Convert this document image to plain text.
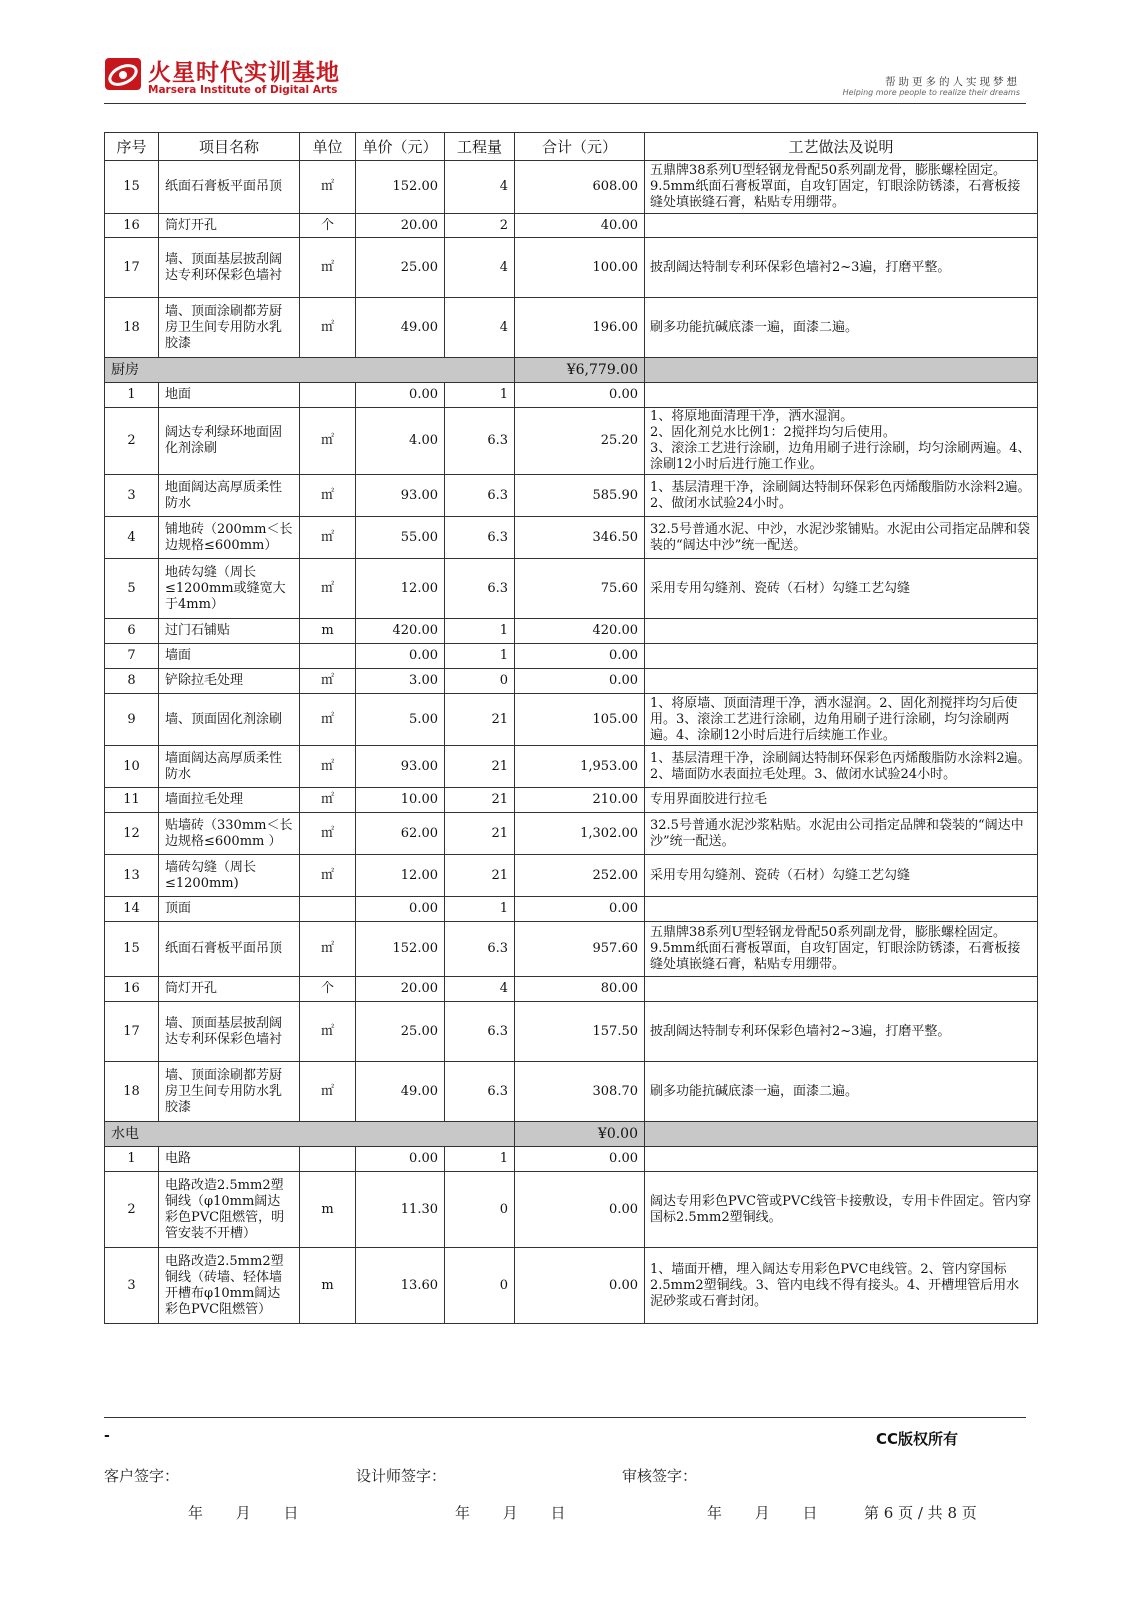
火星时代实训基地
Marsera Institute of Digital Arts
帮助更多的人实现梦想
Helping more people to realize their dreams
序号	项目名称	单位	单价（元）	工程量	合计（元）	工艺做法及说明
15	纸面石膏板平面吊顶	㎡	152.00	4	608.00	五鼎牌38系列U型轻钢龙骨配50系列副龙骨，膨胀螺栓固定。9.5mm纸面石膏板罩面，自攻钉固定，钉眼涂防锈漆，石膏板接缝处填嵌缝石膏，粘贴专用绷带。
16	筒灯开孔	个	20.00	2	40.00	
17	墙、顶面基层披刮阔达专利环保彩色墙衬	㎡	25.00	4	100.00	披刮阔达特制专利环保彩色墙衬2~3遍，打磨平整。
18	墙、顶面涂刷都芳厨房卫生间专用防水乳胶漆	㎡	49.00	4	196.00	刷多功能抗碱底漆一遍，面漆二遍。
厨房					¥6,779.00	
1	地面		0.00	1	0.00	
2	阔达专利绿环地面固化剂涂刷	㎡	4.00	6.3	25.20	1、将原地面清理干净，洒水湿润。
2、固化剂兑水比例1：2搅拌均匀后使用。
3、滚涂工艺进行涂刷，边角用刷子进行涂刷，均匀涂刷两遍。4、涂刷12小时后进行施工作业。
3	地面阔达高厚质柔性防水	㎡	93.00	6.3	585.90	1、基层清理干净，涂刷阔达特制环保彩色丙烯酸脂防水涂料2遍。2、做闭水试验24小时。
4	铺地砖（200mm＜长边规格≤600mm）	㎡	55.00	6.3	346.50	32.5号普通水泥、中沙，水泥沙浆铺贴。水泥由公司指定品牌和袋装的“阔达中沙”统一配送。
5	地砖勾缝（周长≤1200mm或缝宽大于4mm）	㎡	12.00	6.3	75.60	采用专用勾缝剂、瓷砖（石材）勾缝工艺勾缝
6	过门石铺贴	m	420.00	1	420.00	
7	墙面		0.00	1	0.00	
8	铲除拉毛处理	㎡	3.00	0	0.00	
9	墙、顶面固化剂涂刷	㎡	5.00	21	105.00	1、将原墙、顶面清理干净，洒水湿润。2、固化剂搅拌均匀后使用。3、滚涂工艺进行涂刷，边角用刷子进行涂刷，均匀涂刷两遍。4、涂刷12小时后进行后续施工作业。
10	墙面阔达高厚质柔性防水	㎡	93.00	21	1,953.00	1、基层清理干净，涂刷阔达特制环保彩色丙烯酸脂防水涂料2遍。2、墙面防水表面拉毛处理。3、做闭水试验24小时。
11	墙面拉毛处理	㎡	10.00	21	210.00	专用界面胶进行拉毛
12	贴墙砖（330mm＜长边规格≤600mm ）	㎡	62.00	21	1,302.00	32.5号普通水泥沙浆粘贴。水泥由公司指定品牌和袋装的“阔达中沙”统一配送。
13	墙砖勾缝（周长≤1200mm)	㎡	12.00	21	252.00	采用专用勾缝剂、瓷砖（石材）勾缝工艺勾缝
14	顶面		0.00	1	0.00	
15	纸面石膏板平面吊顶	㎡	152.00	6.3	957.60	五鼎牌38系列U型轻钢龙骨配50系列副龙骨，膨胀螺栓固定。9.5mm纸面石膏板罩面，自攻钉固定，钉眼涂防锈漆，石膏板接缝处填嵌缝石膏，粘贴专用绷带。
16	筒灯开孔	个	20.00	4	80.00	
17	墙、顶面基层披刮阔达专利环保彩色墙衬	㎡	25.00	6.3	157.50	披刮阔达特制专利环保彩色墙衬2~3遍，打磨平整。
18	墙、顶面涂刷都芳厨房卫生间专用防水乳胶漆	㎡	49.00	6.3	308.70	刷多功能抗碱底漆一遍，面漆二遍。
水电					¥0.00	
1	电路		0.00	1	0.00	
2	电路改造2.5mm2塑铜线（φ10mm阔达彩色PVC阻燃管，明管安装不开槽）	m	11.30	0	0.00	阔达专用彩色PVC管或PVC线管卡接敷设，专用卡件固定。管内穿国标2.5mm2塑铜线。
3	电路改造2.5mm2塑铜线（砖墙、轻体墙开槽布φ10mm阔达彩色PVC阻燃管）	m	13.60	0	0.00	1、墙面开槽，埋入阔达专用彩色PVC电线管。2、管内穿国标2.5mm2塑铜线。3、管内电线不得有接头。4、开槽埋管后用水泥砂浆或石膏封闭。
-	CC版权所有
客户签字：	设计师签字：	审核签字：
年 月 日	年 月 日	年 月 日	第 6 页 / 共 8 页
